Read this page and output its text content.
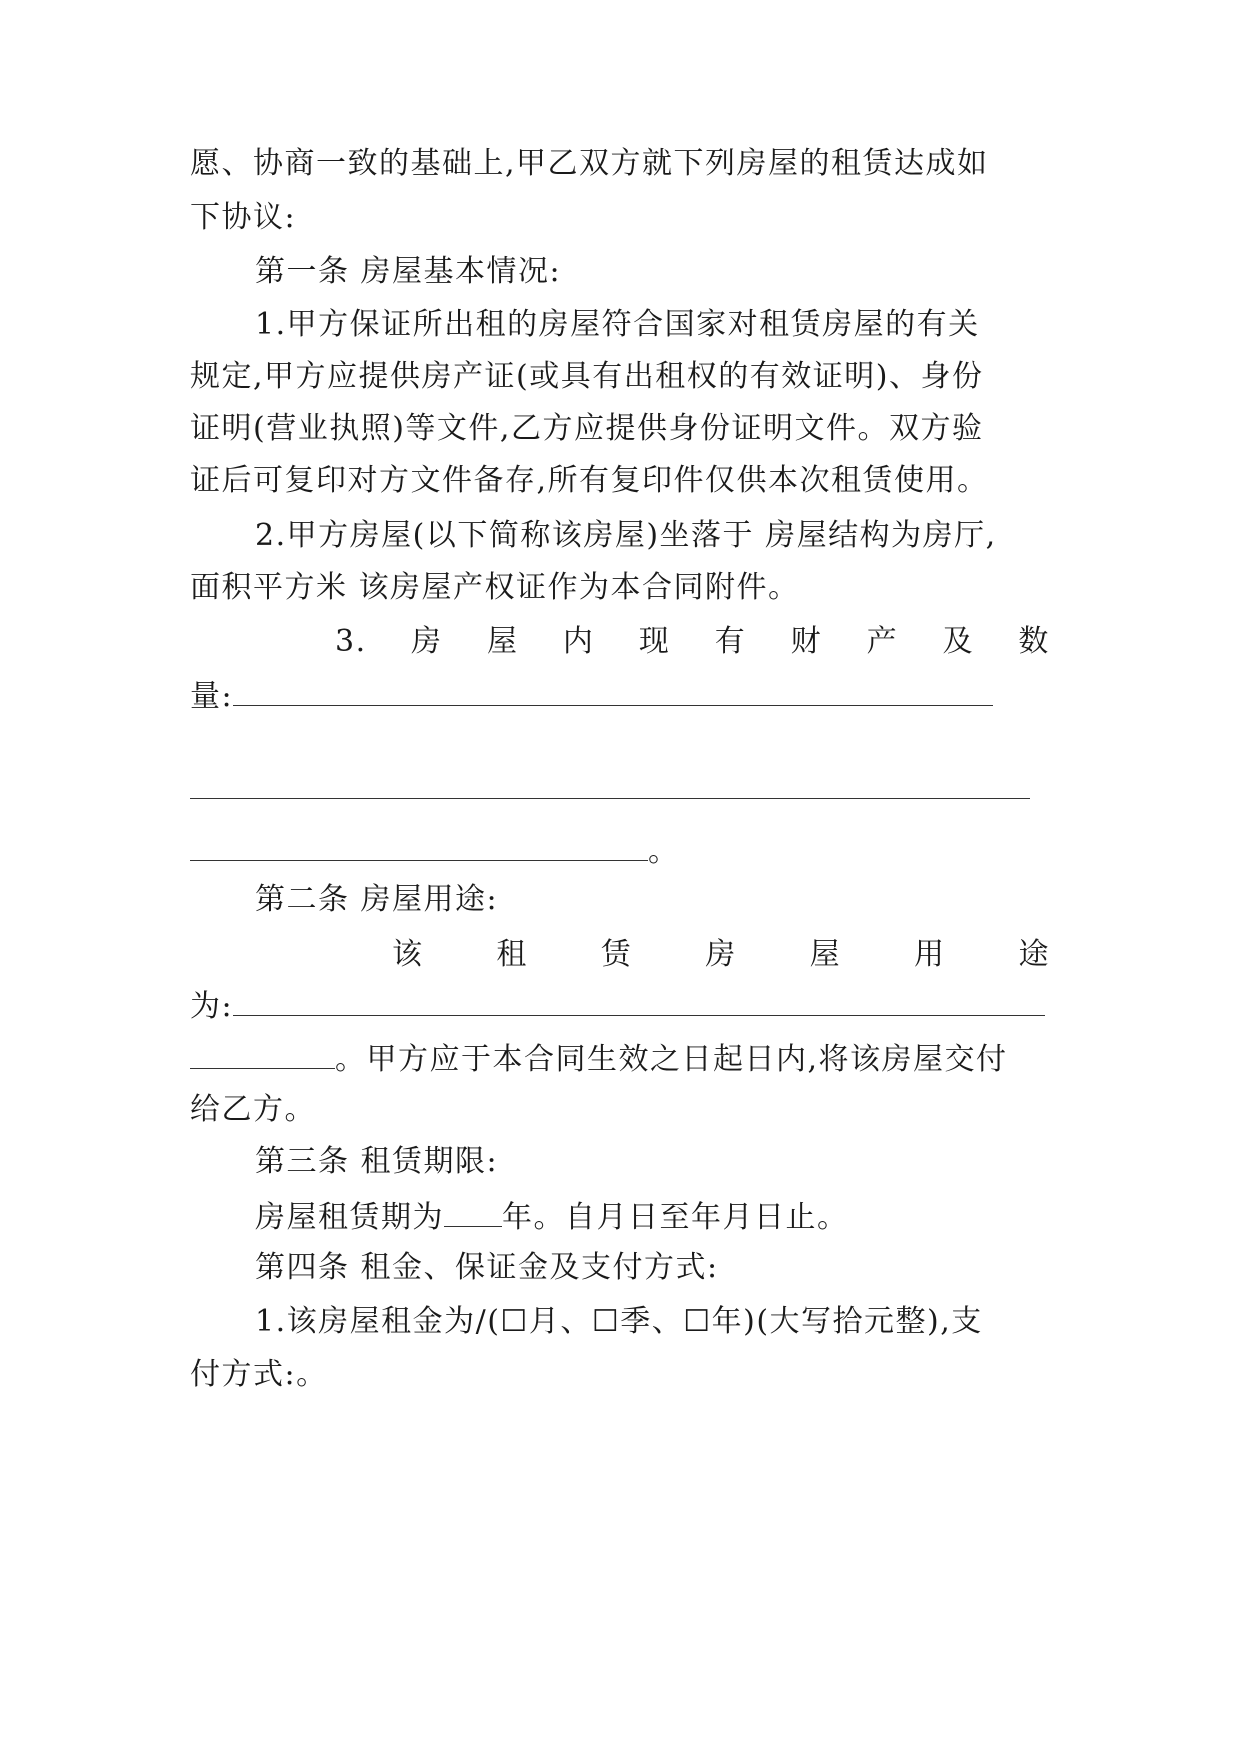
愿、协商一致的基础上,甲乙双方就下列房屋的租赁达成如
下协议:
第一条 房屋基本情况:
1.甲方保证所出租的房屋符合国家对租赁房屋的有关
规定,甲方应提供房产证(或具有出租权的有效证明)、身份
证明(营业执照)等文件,乙方应提供身份证明文件。双方验
证后可复印对方文件备存,所有复印件仅供本次租赁使用。
2.甲方房屋(以下简称该房屋)坐落于 房屋结构为房厅,
面积平方米 该房屋产权证作为本合同附件。
3. 房 屋 内 现 有 财 产 及 数
量:
。
第二条 房屋用途:
该 租 赁 房 屋 用 途
为:
。甲方应于本合同生效之日起日内,将该房屋交付
给乙方。
第三条 租赁期限:
房屋租赁期为 年。自月日至年月日止。
第四条 租金、保证金及支付方式:
1.该房屋租金为/(☐月、☐季、☐年)(大写拾元整),支
付方式:。
